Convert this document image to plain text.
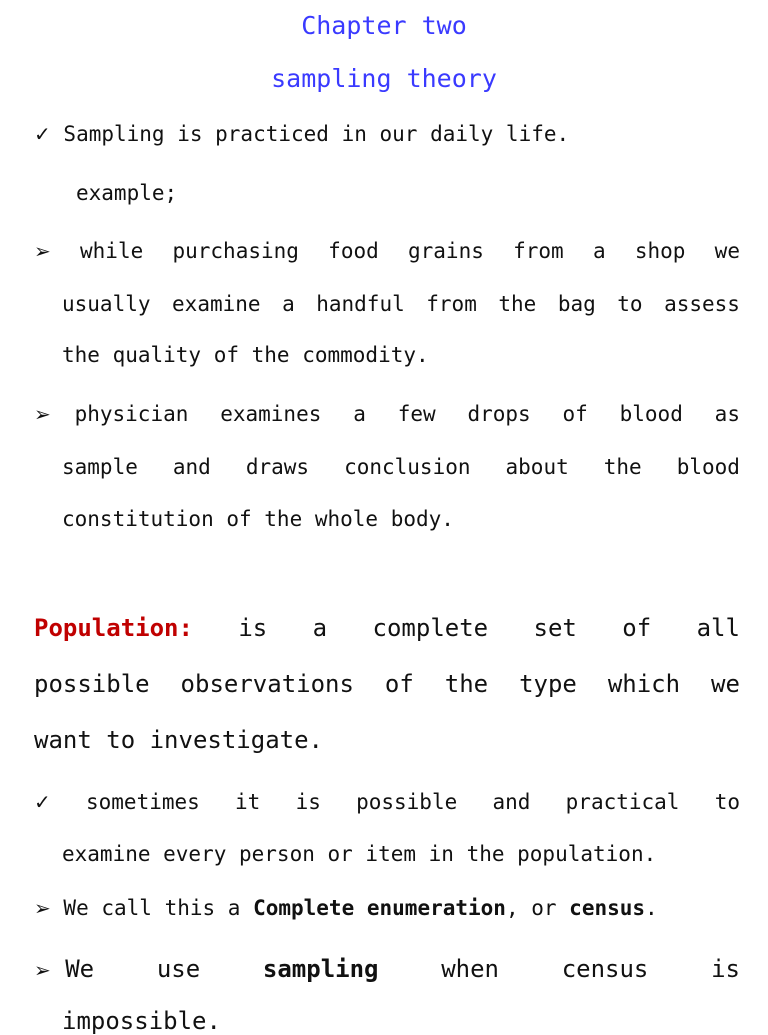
Chapter two
sampling theory
✓ Sampling is practiced in our daily life.
example;
➢ while purchasing food grains from a shop we
usually examine a handful from the bag to assess
the quality of the commodity.
➢ physician examines a few drops of blood as
sample and draws conclusion about the blood
constitution of the whole body.
Population: is a complete set of all
possible observations of the type which we
want to investigate.
✓ sometimes it is possible and practical to
examine every person or item in the population.
➢ We call this a Complete enumeration, or census.
➢ We	use	sampling	when	census	is
impossible.
